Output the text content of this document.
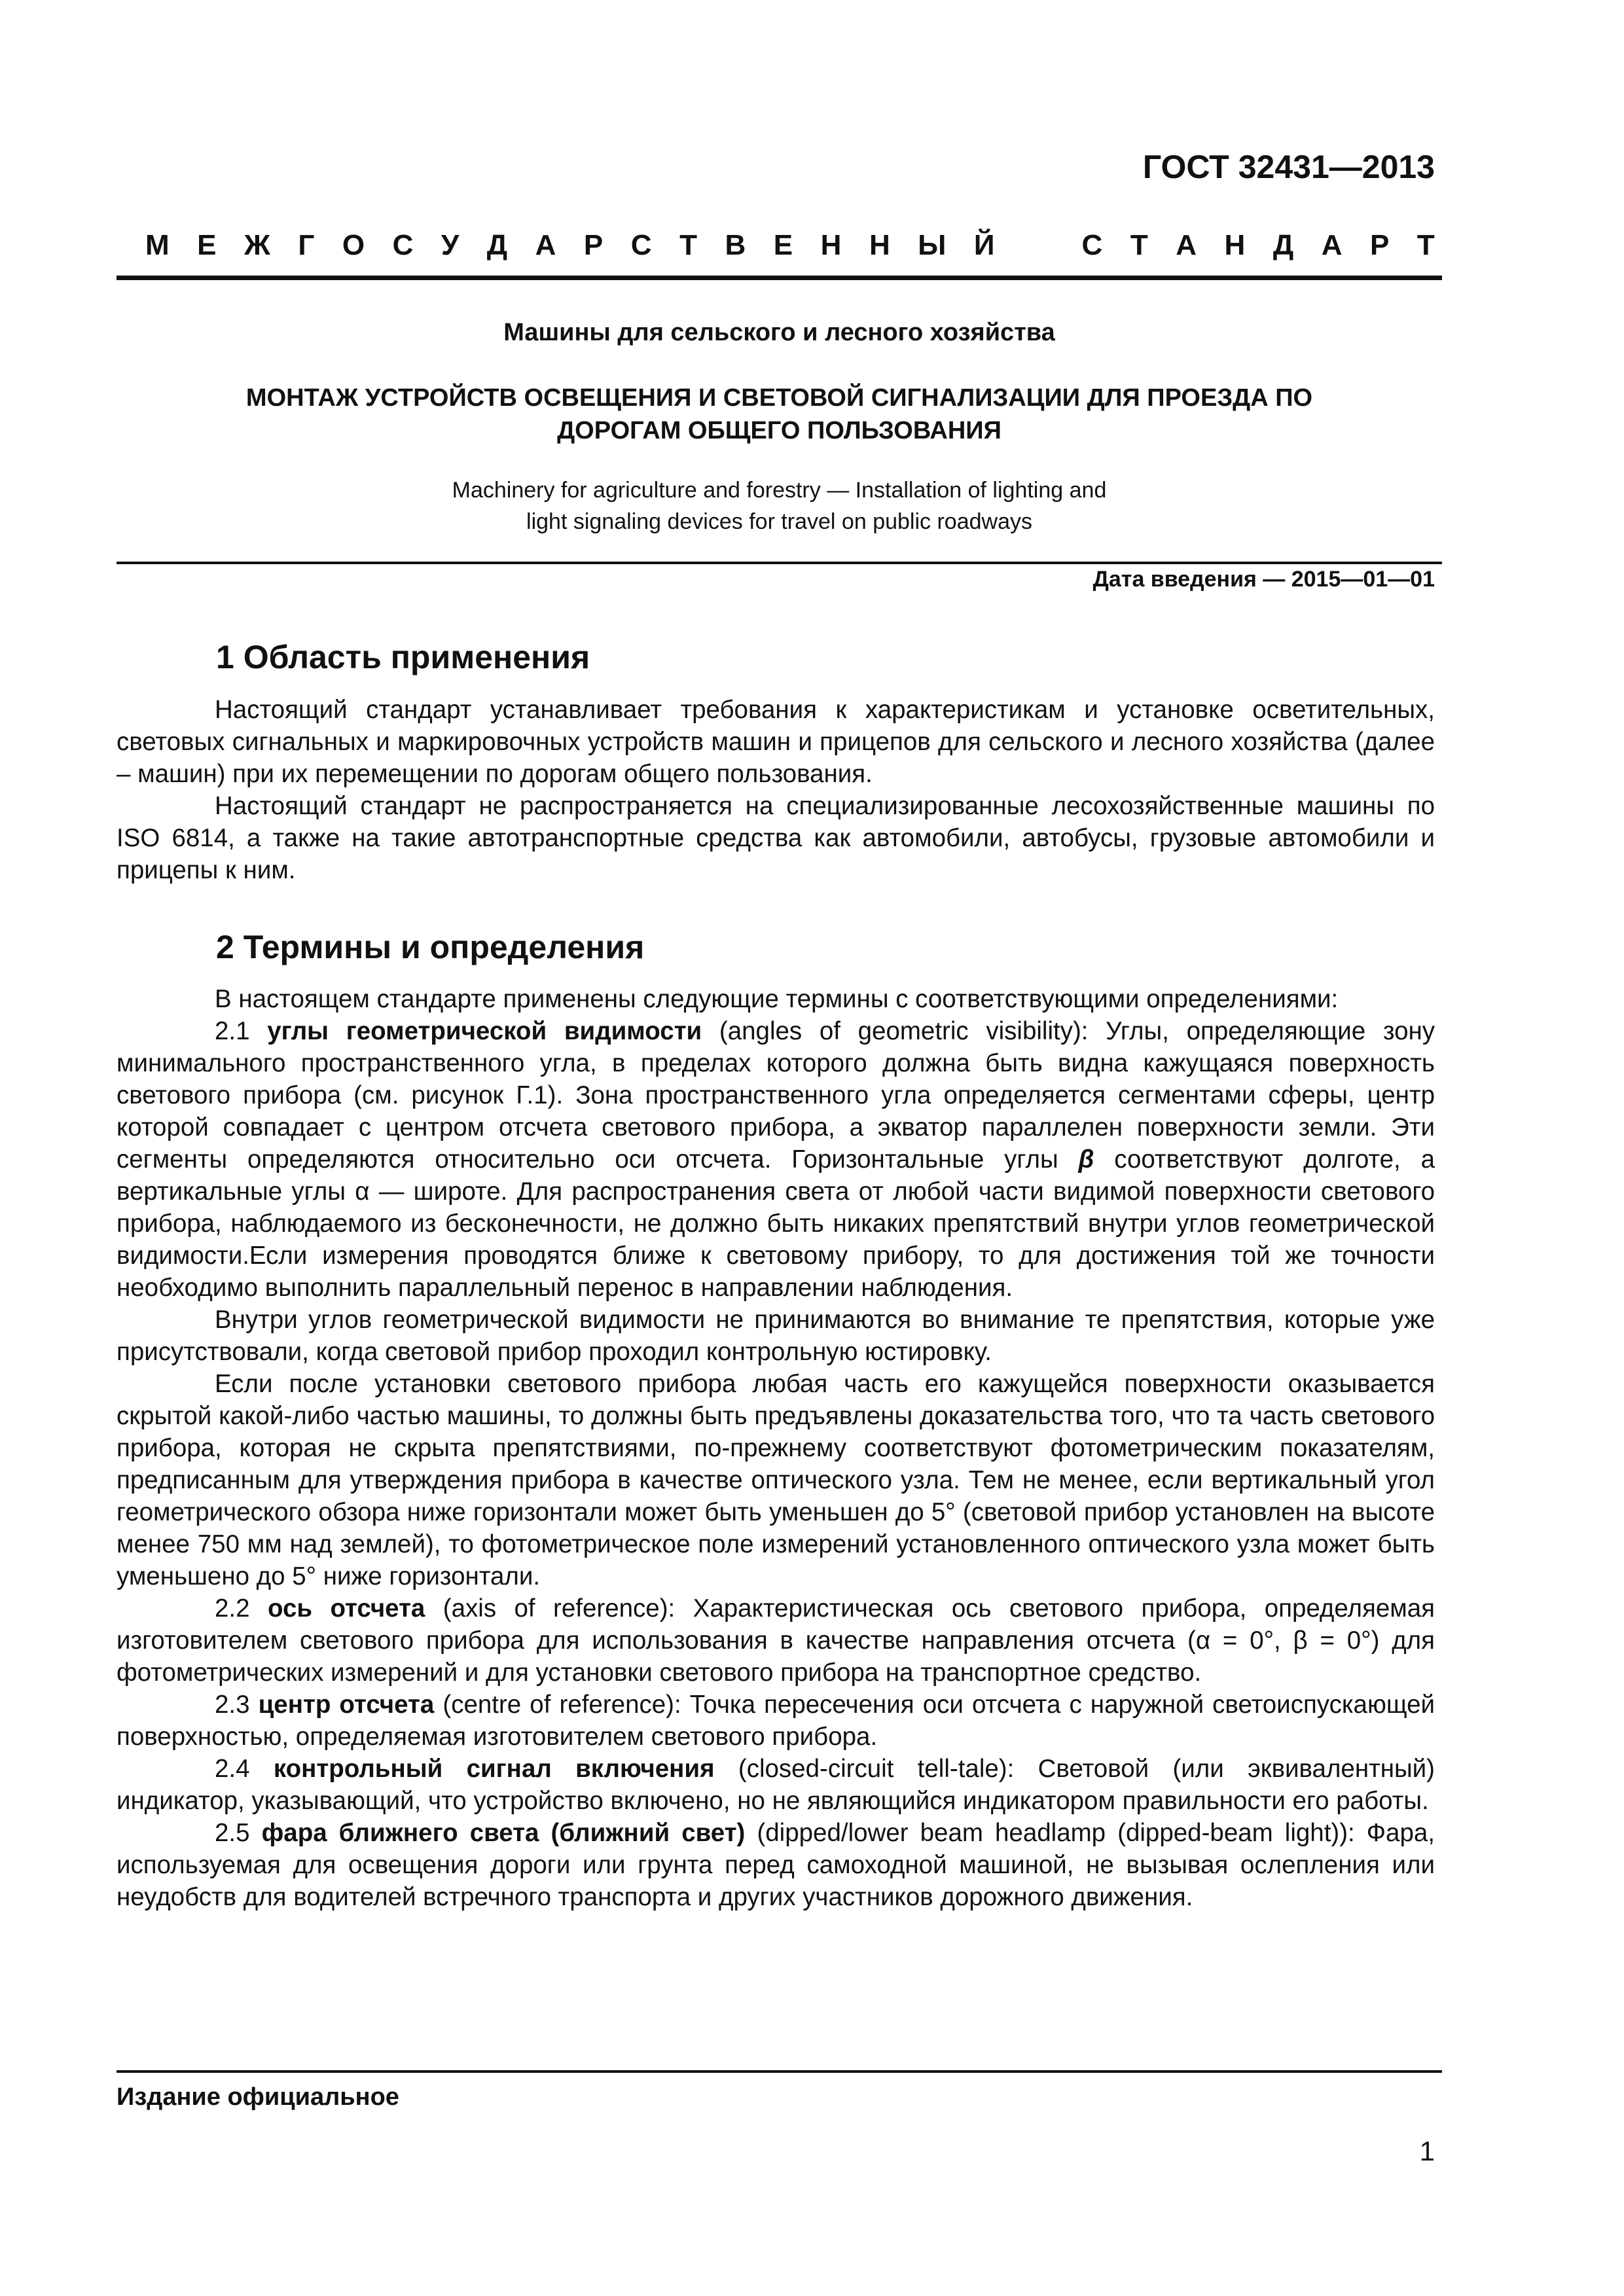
ГОСТ 32431—2013
М Е Ж Г О С У Д А Р С Т В Е Н Н Ы Й	С Т А Н Д А Р Т
Машины для сельского и лесного хозяйства
МОНТАЖ УСТРОЙСТВ ОСВЕЩЕНИЯ И СВЕТОВОЙ СИГНАЛИЗАЦИИ ДЛЯ ПРОЕЗДА ПО
ДОРОГАМ ОБЩЕГО ПОЛЬЗОВАНИЯ
Machinery for agriculture and forestry — Installation of lighting and
light signaling devices for travel on public roadways
Дата введения — 2015—01—01
1 Область применения

Настоящий стандарт устанавливает требования к характеристикам и установке осветительных, световых сигнальных и маркировочных устройств машин и прицепов для сельского и лесного хозяйства (далее – машин) при их перемещении по дорогам общего пользования.

Настоящий стандарт не распространяется на специализированные лесохозяйственные машины по ISO 6814, а также на такие автотранспортные средства как автомобили, автобусы, грузовые автомобили и прицепы к ним.

2 Термины и определения

В настоящем стандарте применены следующие термины с соответствующими определениями:

2.1 углы геометрической видимости (angles of geometric visibility): Углы, определяющие зону минимального пространственного угла, в пределах которого должна быть видна кажущаяся поверхность светового прибора (см. рисунок Г.1). Зона пространственного угла определяется сегментами сферы, центр которой совпадает с центром отсчета светового прибора, а экватор параллелен поверхности земли. Эти сегменты определяются относительно оси отсчета. Горизонтальные углы β соответствуют долготе, а вертикальные углы α — широте. Для распространения света от любой части видимой поверхности светового прибора, наблюдаемого из бесконечности, не должно быть никаких препятствий внутри углов геометрической видимости.Если измерения проводятся ближе к световому прибору, то для достижения той же точности необходимо выполнить параллельный перенос в направлении наблюдения.

Внутри углов геометрической видимости не принимаются во внимание те препятствия, которые уже присутствовали, когда световой прибор проходил контрольную юстировку.

Если после установки светового прибора любая часть его кажущейся поверхности оказывается скрытой какой-либо частью машины, то должны быть предъявлены доказательства того, что та часть светового прибора, которая не скрыта препятствиями, по-прежнему соответствуют фотометрическим показателям, предписанным для утверждения прибора в качестве оптического узла. Тем не менее, если вертикальный угол геометрического обзора ниже горизонтали может быть уменьшен до 5° (световой прибор установлен на высоте менее 750 мм над землей), то фотометрическое поле измерений установленного оптического узла может быть уменьшено до 5° ниже горизонтали.

2.2 ось отсчета (axis of reference): Характеристическая ось светового прибора, определяемая изготовителем светового прибора для использования в качестве направления отсчета (α = 0°, β = 0°) для фотометрических измерений и для установки светового прибора на транспортное средство.

2.3 центр отсчета (centre of reference): Точка пересечения оси отсчета с наружной светоиспускающей поверхностью, определяемая изготовителем светового прибора.

2.4 контрольный сигнал включения (closed-circuit tell-tale): Световой (или эквивалентный) индикатор, указывающий, что устройство включено, но не являющийся индикатором правильности его работы.

2.5 фара ближнего света (ближний свет) (dipped/lower beam headlamp (dipped-beam light)): Фара, используемая для освещения дороги или грунта перед самоходной машиной, не вызывая ослепления или неудобств для водителей встречного транспорта и других участников дорожного движения.

Издание официальное
1
